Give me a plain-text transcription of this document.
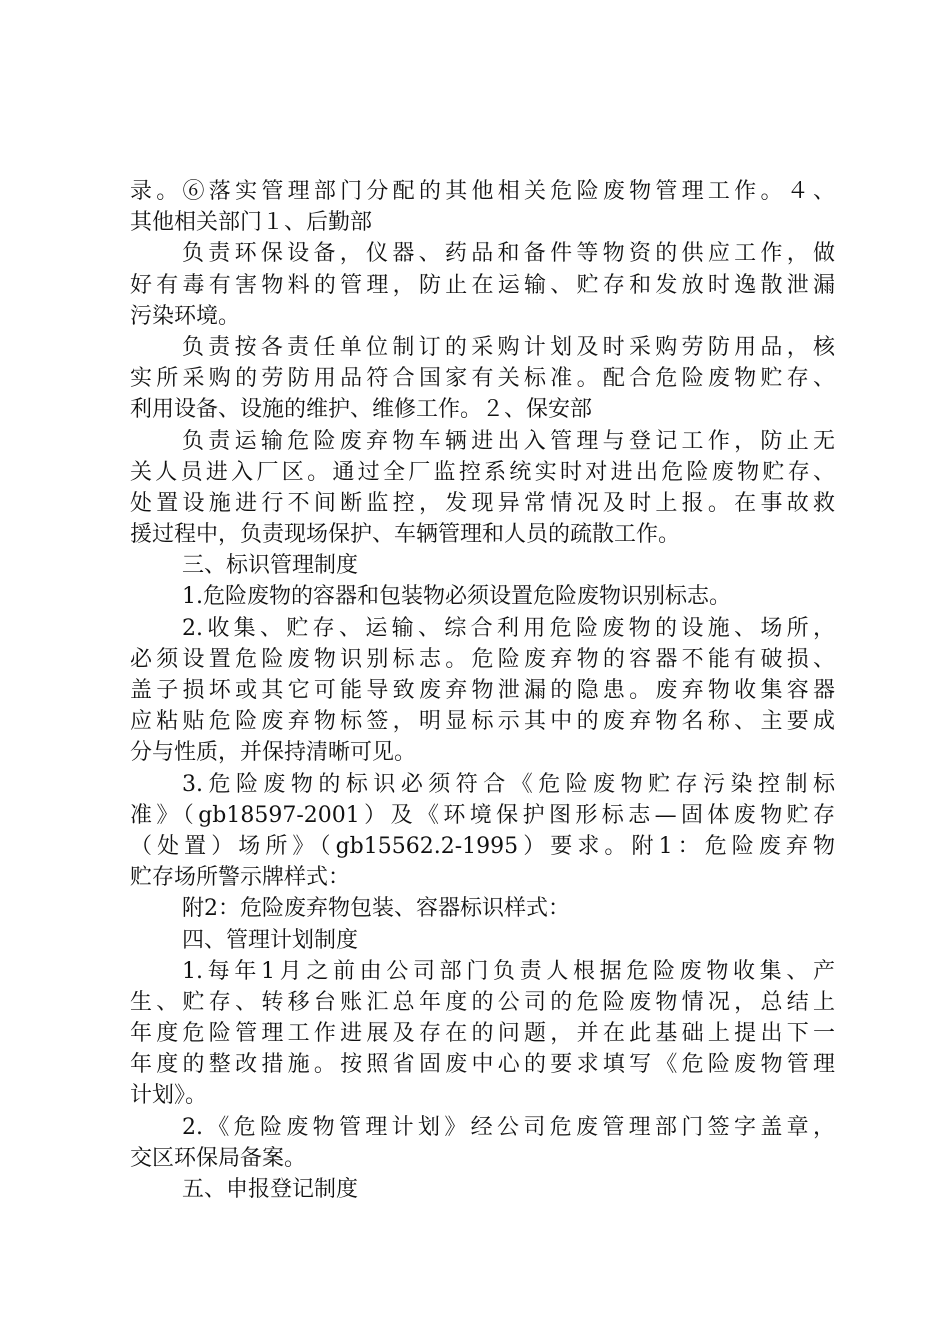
录。⑥落实管理部门分配的其他相关危险废物管理工作。４、
其他相关部门１、后勤部
负责环保设备，仪器、药品和备件等物资的供应工作，做
好有毒有害物料的管理，防止在运输、贮存和发放时逸散泄漏
污染环境。
负责按各责任单位制订的采购计划及时采购劳防用品，核
实所采购的劳防用品符合国家有关标准。配合危险废物贮存、
利用设备、设施的维护、维修工作。２、保安部
负责运输危险废弃物车辆进出入管理与登记工作，防止无
关人员进入厂区。通过全厂监控系统实时对进出危险废物贮存、
处置设施进行不间断监控，发现异常情况及时上报。在事故救
援过程中，负责现场保护、车辆管理和人员的疏散工作。
三、标识管理制度
1.危险废物的容器和包装物必须设置危险废物识别标志。
2.收集、贮存、运输、综合利用危险废物的设施、场所，
必须设置危险废物识别标志。危险废弃物的容器不能有破损、
盖子损坏或其它可能导致废弃物泄漏的隐患。废弃物收集容器
应粘贴危险废弃物标签，明显标示其中的废弃物名称、主要成
分与性质，并保持清晰可见。
3.危险废物的标识必须符合《危险废物贮存污染控制标
准》（gb18597-2001）及《环境保护图形标志—固体废物贮存
（处置）场所》（gb15562.2-1995）要求。附1：危险废弃物
贮存场所警示牌样式：
附2：危险废弃物包装、容器标识样式：
四、管理计划制度
1.每年1月之前由公司部门负责人根据危险废物收集、产
生、贮存、转移台账汇总年度的公司的危险废物情况，总结上
年度危险管理工作进展及存在的问题，并在此基础上提出下一
年度的整改措施。按照省固废中心的要求填写《危险废物管理
计划》。
2.《危险废物管理计划》经公司危废管理部门签字盖章，
交区环保局备案。
五、申报登记制度
